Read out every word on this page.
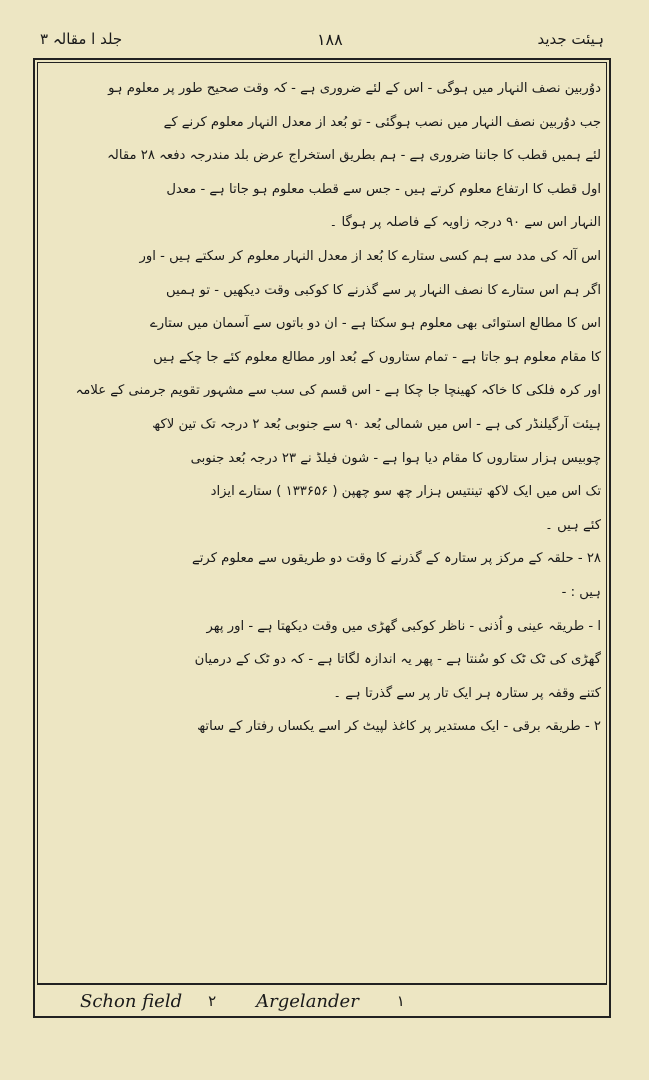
جلد ا مقالہ ۳	۱۸۸	ہیئت جدید
دوُربین نصف النہار میں ہوگی - اس کے لئے ضروری ہے - کہ وقت صحیح طور پر معلوم ہو
جب دوُربین نصف النہار میں نصب ہوگئی - تو بُعد از معدل النہار معلوم کرنے کے
لئے ہمیں قطب کا جاننا ضروری ہے - ہم بطریق استخراج عرض بلد مندرجہ دفعہ ۲۸ مقالہ
اول قطب کا ارتفاع معلوم کرتے ہیں - جس سے قطب معلوم ہو جاتا ہے - معدل
النہار اس سے ۹۰ درجہ زاویہ کے فاصلہ پر ہوگا ۔
اس آلہ کی مدد سے ہم کسی ستارے کا بُعد از معدل النہار معلوم کر سکتے ہیں - اور
اگر ہم اس ستارے کا نصف النہار پر سے گذرنے کا کوکبی وقت دیکھیں - تو ہمیں
اس کا مطالع استوائی بھی معلوم ہو سکتا ہے - ان دو باتوں سے آسمان میں ستارے
کا مقام معلوم ہو جاتا ہے - تمام ستاروں کے بُعد اور مطالع معلوم کئے جا چکے ہیں
اور کرہ فلکی کا خاکہ کھینچا جا چکا ہے - اس قسم کی سب سے مشہور تقویم جرمنی کے علامہ
ہیئت آرگیلنڈر کی ہے - اس میں شمالی بُعد ۹۰ سے جنوبی بُعد ۲ درجہ تک تین لاکھ
چوبیس ہزار ستاروں کا مقام دیا ہوا ہے - شون فیلڈ نے ۲۳ درجہ بُعد جنوبی
تک اس میں ایک لاکھ تینتیس ہزار چھ سو چھپن ( ۱۳۳۶۵۶ ) ستارے ایزاد
کئے ہیں ۔
۲۸ - حلقہ کے مرکز پر ستارہ کے گذرنے کا وقت دو طریقوں سے معلوم کرتے
ہیں : -
ا - طریقہ عینی و اُذنی - ناظر کوکبی گھڑی میں وقت دیکھتا ہے - اور پھر
گھڑی کی ٹک ٹک کو سُنتا ہے - پھر یہ اندازہ لگاتا ہے - کہ دو ٹک کے درمیان
کتنے وقفہ پر ستارہ ہر ایک تار پر سے گذرتا ہے ۔
۲ - طریقہ برقی - ایک مستدیر پر کاغذ لپیٹ کر اسے یکساں رفتار کے ساتھ
Schon field ٢ Argelander	١
